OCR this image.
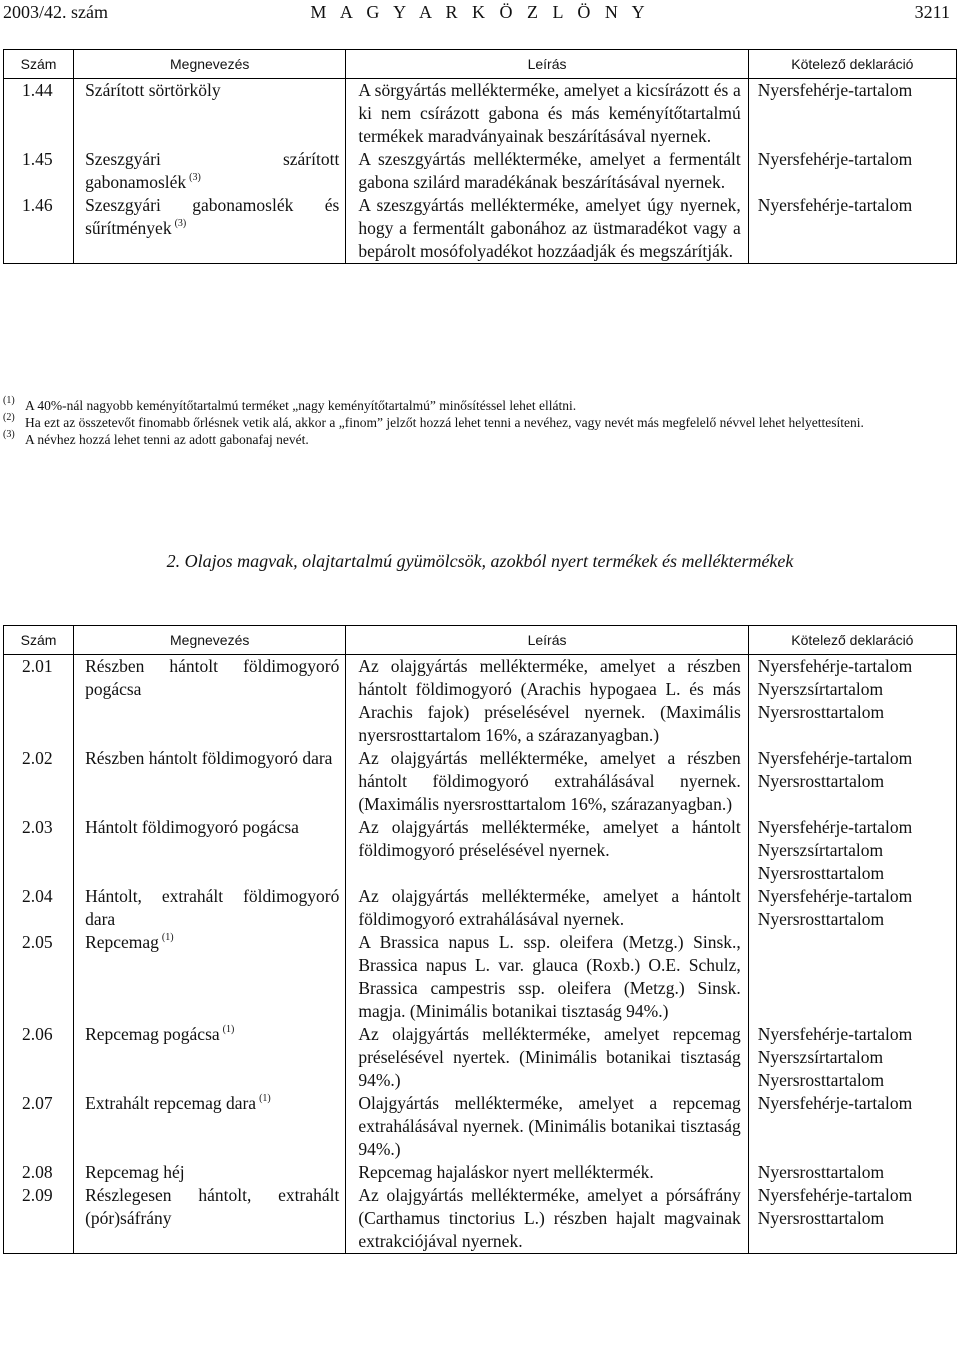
2003/42. szám	M A G Y A R K Ö Z L Ö N Y	3211
Szám	Megnevezés	Leírás	Kötelező deklaráció
1.44	Szárított sörtörköly	A sörgyártás mellékterméke, amelyet a kicsírázott és a ki nem csírázott gabona és más keményítőtartalmú termékek maradványainak beszárításával nyernek.	Nyersfehérje-tartalom

1.45	Szeszgyári szárított gabonamoslék $^{(3)}$	A szeszgyártás mellékterméke, amelyet a fermentált gabona szilárd maradékának beszárításával nyernek.	Nyersfehérje-tartalom

1.46	Szeszgyári gabonamoslék és sűrítmények $^{(3)}$	A szeszgyártás mellékterméke, amelyet úgy nyernek, hogy a fermentált gabonához az üstmaradékot vagy a bepárolt mosófolyadékot hozzáadják és megszárítják.	Nyersfehérje-tartalom
(1) A 40%-nál nagyobb keményítőtartalmú terméket „nagy keményítőtartalmú” minősítéssel lehet ellátni.
(2) Ha ezt az összetevőt finomabb őrlésnek vetik alá, akkor a „finom” jelzőt hozzá lehet tenni a nevéhez, vagy nevét más megfelelő névvel lehet helyettesíteni.
(3) A névhez hozzá lehet tenni az adott gabonafaj nevét.
2. Olajos magvak, olajtartalmú gyümölcsök, azokból nyert termékek és melléktermékek
Szám	Megnevezés	Leírás	Kötelező deklaráció
2.01	Részben hántolt földimogyoró pogácsa	Az olajgyártás mellékterméke, amelyet a részben hántolt földimogyoró (Arachis hypogaea L. és más Arachis fajok) préselésével nyernek. (Maximális nyersrosttartalom 16%, a szárazanyagban.)	Nyersfehérje-tartalom
Nyerszsírtartalom
Nyersrosttartalom

2.02	Részben hántolt földimogyoró dara	Az olajgyártás mellékterméke, amelyet a részben hántolt földimogyoró extrahálásával nyernek. (Maximális nyersrosttartalom 16%, szárazanyagban.)	Nyersfehérje-tartalom
Nyersrosttartalom

2.03	Hántolt földimogyoró pogácsa	Az olajgyártás mellékterméke, amelyet a hántolt földimogyoró préselésével nyernek.	Nyersfehérje-tartalom
Nyerszsírtartalom
Nyersrosttartalom

2.04	Hántolt, extrahált földimogyoró dara	Az olajgyártás mellékterméke, amelyet a hántolt földimogyoró extrahálásával nyernek.	Nyersfehérje-tartalom
Nyersrosttartalom

2.05	Repcemag $^{(1)}$	A Brassica napus L. ssp. oleifera (Metzg.) Sinsk., Brassica napus L. var. glauca (Roxb.) O.E. Schulz, Brassica campestris ssp. oleifera (Metzg.) Sinsk. magja. (Minimális botanikai tisztaság 94%.)	
2.06	Repcemag pogácsa $^{(1)}$	Az olajgyártás mellékterméke, amelyet repcemag préselésével nyertek. (Minimális botanikai tisztaság 94%.)	Nyersfehérje-tartalom
Nyerszsírtartalom
Nyersrosttartalom

2.07	Extrahált repcemag dara $^{(1)}$	Olajgyártás mellékterméke, amelyet a repcemag extrahálásával nyernek. (Minimális botanikai tisztaság 94%.)	Nyersfehérje-tartalom

2.08	Repcemag héj	Repcemag hajaláskor nyert melléktermék.	Nyersrosttartalom

2.09	Részlegesen hántolt, extrahált (pór)sáfrány	Az olajgyártás mellékterméke, amelyet a pórsáfrány (Carthamus tinctorius L.) részben hajalt magvainak extrakciójával nyernek.	Nyersfehérje-tartalom
Nyersrosttartalom
